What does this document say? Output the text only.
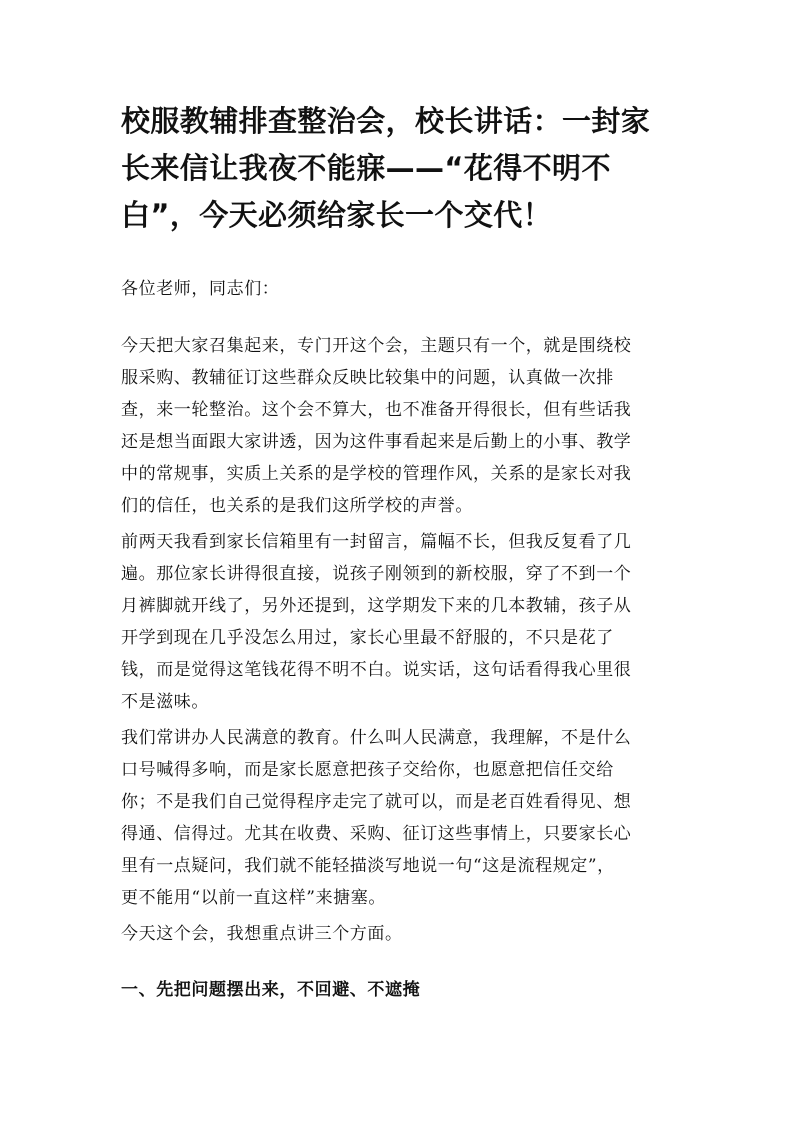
校服教辅排查整治会，校长讲话：一封家
长来信让我夜不能寐——“花得不明不
白”，今天必须给家长一个交代！

各位老师，同志们：

今天把大家召集起来，专门开这个会，主题只有一个，就是围绕校
服采购、教辅征订这些群众反映比较集中的问题，认真做一次排
查，来一轮整治。这个会不算大，也不准备开得很长，但有些话我
还是想当面跟大家讲透，因为这件事看起来是后勤上的小事、教学
中的常规事，实质上关系的是学校的管理作风，关系的是家长对我
们的信任，也关系的是我们这所学校的声誉。

前两天我看到家长信箱里有一封留言，篇幅不长，但我反复看了几
遍。那位家长讲得很直接，说孩子刚领到的新校服，穿了不到一个
月裤脚就开线了，另外还提到，这学期发下来的几本教辅，孩子从
开学到现在几乎没怎么用过，家长心里最不舒服的，不只是花了
钱，而是觉得这笔钱花得不明不白。说实话，这句话看得我心里很
不是滋味。

我们常讲办人民满意的教育。什么叫人民满意，我理解，不是什么
口号喊得多响，而是家长愿意把孩子交给你，也愿意把信任交给
你；不是我们自己觉得程序走完了就可以，而是老百姓看得见、想
得通、信得过。尤其在收费、采购、征订这些事情上，只要家长心
里有一点疑问，我们就不能轻描淡写地说一句“这是流程规定”，
更不能用“以前一直这样”来搪塞。

今天这个会，我想重点讲三个方面。

一、先把问题摆出来，不回避、不遮掩
